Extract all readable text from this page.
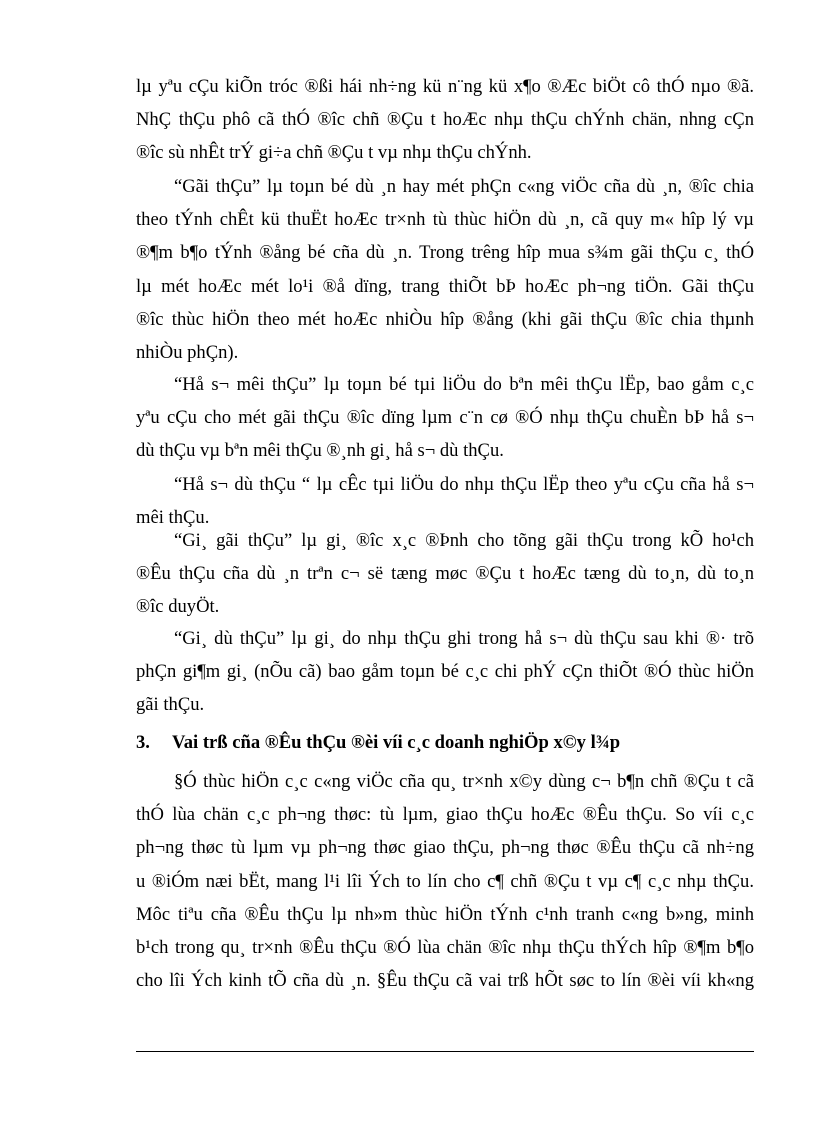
lµ yªu cÇu kiÕn tróc ®ßi hái nh÷ng kü n¨ng kü x¶o ®Æc biÖt cô thÓ nµo ®ã.
NhÇ thÇu phô cã thÓ ®îc chñ ®Çu t hoÆc nhµ thÇu chÝnh chän, nhng cÇn
®îc sù nhÊt trÝ gi÷a chñ ®Çu t vµ nhµ thÇu chÝnh.
“Gãi thÇu” lµ toµn bé dù ¸n hay mét phÇn c«ng viÖc cña dù ¸n, ®îc chia
theo tÝnh chÊt kü thuËt hoÆc tr×nh tù thùc hiÖn dù ¸n, cã quy m« hîp lý vµ
®¶m b¶o tÝnh ®ång bé cña dù ¸n. Trong trêng hîp mua s¾m gãi thÇu c¸ thÓ
lµ mét hoÆc mét lo¹i ®å dïng, trang thiÕt bÞ hoÆc ph¬ng tiÖn. Gãi thÇu
®îc thùc hiÖn theo mét hoÆc nhiÒu hîp ®ång (khi gãi thÇu ®îc chia thµnh
nhiÒu phÇn).
“Hå s¬ mêi thÇu” lµ toµn bé tµi liÖu do bªn mêi thÇu lËp, bao gåm c¸c
yªu cÇu cho mét gãi thÇu ®îc dïng lµm c¨n cø ®Ó nhµ thÇu chuÈn bÞ hå s¬
dù thÇu vµ bªn mêi thÇu ®¸nh gi¸ hå s¬ dù thÇu.
“Hå s¬ dù thÇu “ lµ cÊc tµi liÖu do nhµ thÇu lËp theo yªu cÇu cña hå s¬
mêi thÇu.
“Gi¸ gãi thÇu” lµ gi¸ ®îc x¸c ®Þnh cho tõng gãi thÇu trong kÕ ho¹ch
®Êu thÇu cña dù ¸n trªn c¬ së tæng møc ®Çu t hoÆc tæng dù to¸n, dù to¸n
®îc duyÖt.
“Gi¸ dù thÇu” lµ gi¸ do nhµ thÇu ghi trong hå s¬ dù thÇu sau khi ®· trõ
phÇn gi¶m gi¸ (nÕu cã) bao gåm toµn bé c¸c chi phÝ cÇn thiÕt ®Ó thùc hiÖn
gãi thÇu.
3. Vai trß cña ®Êu thÇu ®èi víi c¸c doanh nghiÖp x©y l¾p
§Ó thùc hiÖn c¸c c«ng viÖc cña qu¸ tr×nh x©y dùng c¬ b¶n chñ ®Çu t cã
thÓ lùa chän c¸c ph¬ng thøc: tù lµm, giao thÇu hoÆc ®Êu thÇu. So víi c¸c
ph¬ng thøc tù lµm vµ ph¬ng thøc giao thÇu, ph¬ng thøc ®Êu thÇu cã nh÷ng
u ®iÓm næi bËt, mang l¹i lîi Ých to lín cho c¶ chñ ®Çu t vµ c¶ c¸c nhµ thÇu.
Môc tiªu cña ®Êu thÇu lµ nh»m thùc hiÖn tÝnh c¹nh tranh c«ng b»ng, minh
b¹ch trong qu¸ tr×nh ®Êu thÇu ®Ó lùa chän ®îc nhµ thÇu thÝch hîp ®¶m b¶o
cho lîi Ých kinh tÕ cña dù ¸n. §Êu thÇu cã vai trß hÕt søc to lín ®èi víi kh«ng
